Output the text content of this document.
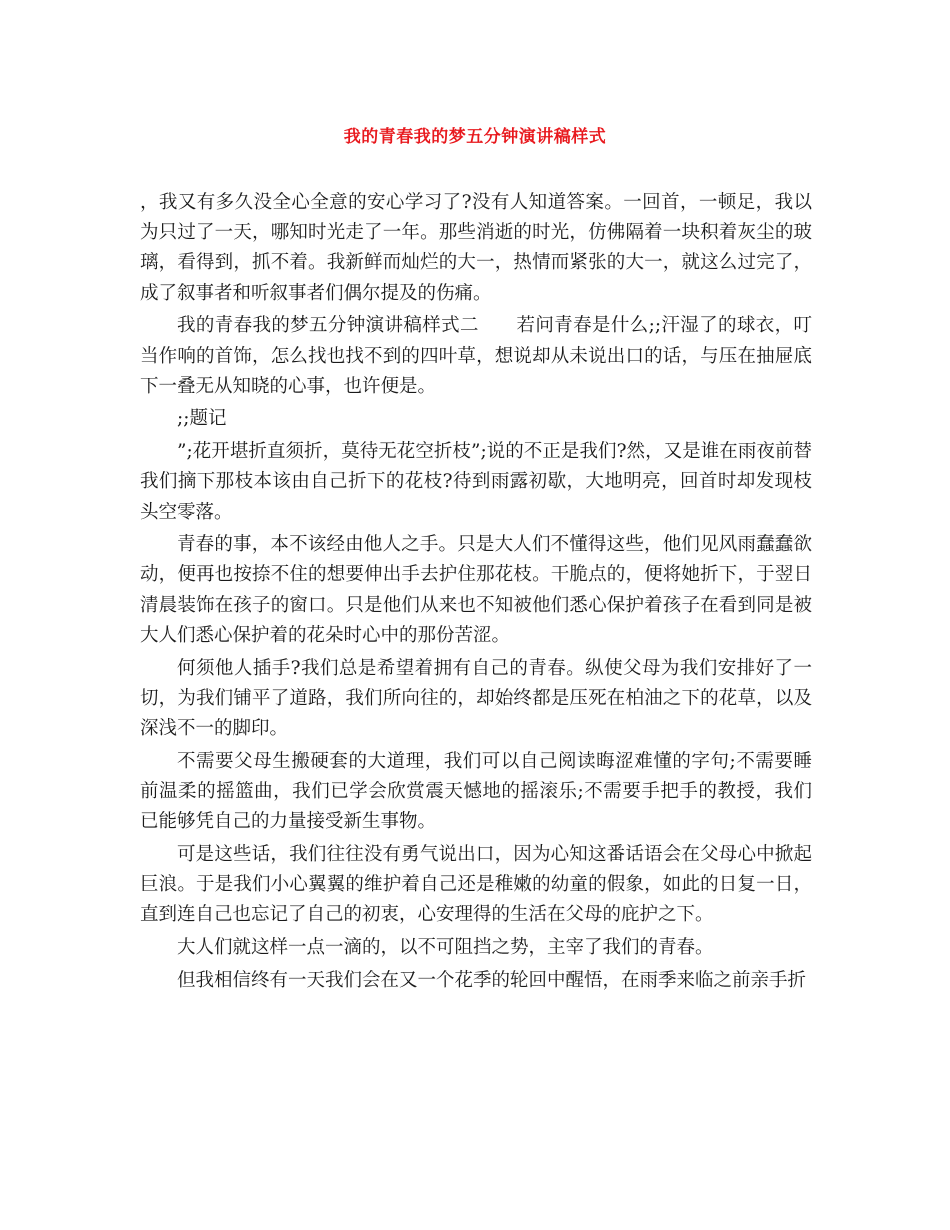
我的青春我的梦五分钟演讲稿样式

，我又有多久没全心全意的安心学习了?没有人知道答案。一回首，一顿足，我以为只过了一天，哪知时光走了一年。那些消逝的时光，仿佛隔着一块积着灰尘的玻璃，看得到，抓不着。我新鲜而灿烂的大一，热情而紧张的大一，就这么过完了，成了叙事者和听叙事者们偶尔提及的伤痛。

我的青春我的梦五分钟演讲稿样式二　　若问青春是什么;;汗湿了的球衣，叮当作响的首饰，怎么找也找不到的四叶草，想说却从未说出口的话，与压在抽屉底下一叠无从知晓的心事，也许便是。

;;题记

”;花开堪折直须折，莫待无花空折枝”;说的不正是我们?然，又是谁在雨夜前替我们摘下那枝本该由自己折下的花枝?待到雨露初歇，大地明亮，回首时却发现枝头空零落。

青春的事，本不该经由他人之手。只是大人们不懂得这些，他们见风雨蠢蠢欲动，便再也按捺不住的想要伸出手去护住那花枝。干脆点的，便将她折下，于翌日清晨装饰在孩子的窗口。只是他们从来也不知被他们悉心保护着孩子在看到同是被大人们悉心保护着的花朵时心中的那份苦涩。

何须他人插手?我们总是希望着拥有自己的青春。纵使父母为我们安排好了一切，为我们铺平了道路，我们所向往的，却始终都是压死在柏油之下的花草，以及深浅不一的脚印。

不需要父母生搬硬套的大道理，我们可以自己阅读晦涩难懂的字句;不需要睡前温柔的摇篮曲，我们已学会欣赏震天憾地的摇滚乐;不需要手把手的教授，我们已能够凭自己的力量接受新生事物。

可是这些话，我们往往没有勇气说出口，因为心知这番话语会在父母心中掀起巨浪。于是我们小心翼翼的维护着自己还是稚嫩的幼童的假象，如此的日复一日，直到连自己也忘记了自己的初衷，心安理得的生活在父母的庇护之下。

大人们就这样一点一滴的，以不可阻挡之势，主宰了我们的青春。

但我相信终有一天我们会在又一个花季的轮回中醒悟，在雨季来临之前亲手折
